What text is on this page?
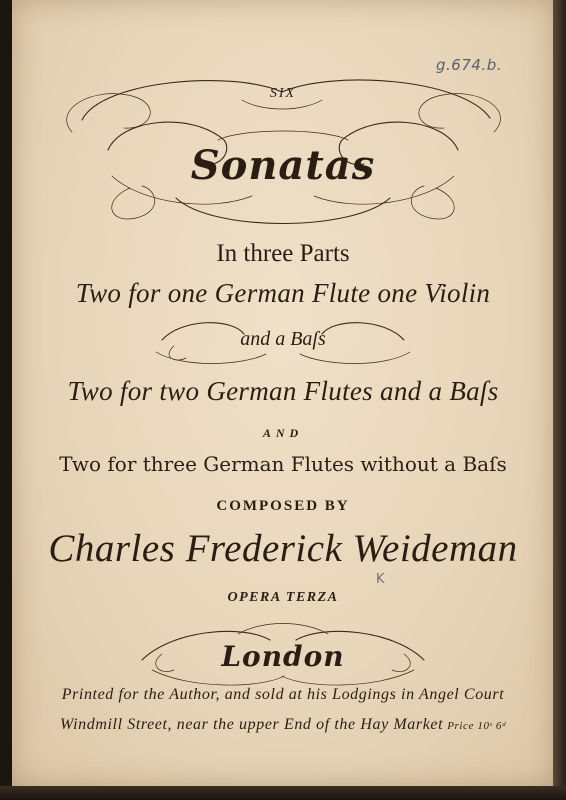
g.674.b.
SIX
Sonatas
In three Parts
Two for one German Flute one Violin
and a Baſs
Two for two German Flutes and a Baſs
AND
Two for three German Flutes without a Baſs
COMPOSED BY
Charles Frederick Weideman
K
OPERA TERZA
London
Printed for the Author, and sold at his Lodgings in Angel Court
Windmill Street, near the upper End of the Hay Market Price 10ˢ 6ᵈ
